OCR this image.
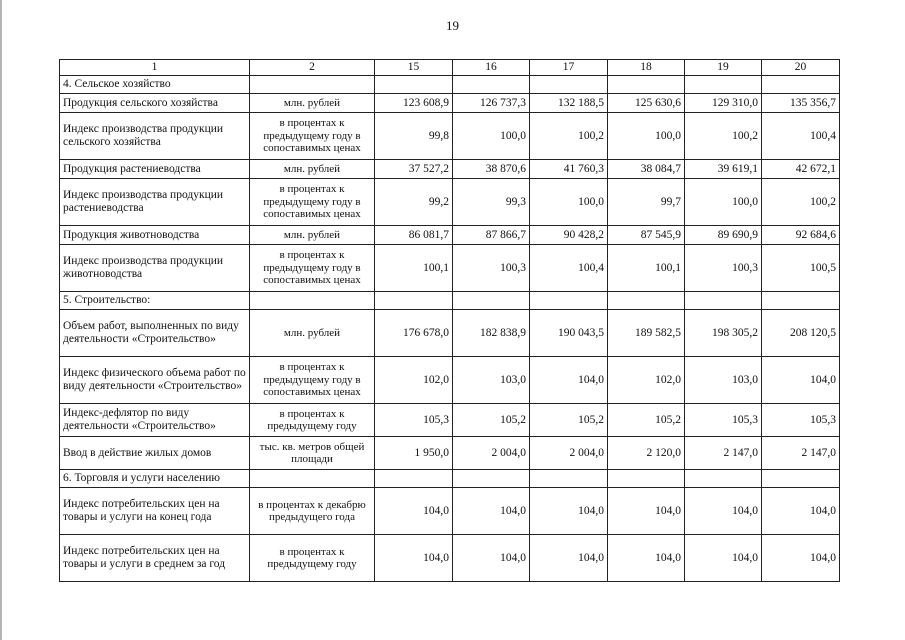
19
1	2	15	16	17	18	19	20
4. Сельское хозяйство							
Продукция сельского хозяйства	млн. рублей	123 608,9	126 737,3	132 188,5	125 630,6	129 310,0	135 356,7
Индекс производства продукции сельского хозяйства	в процентах к предыдущему году в сопоставимых ценах	99,8	100,0	100,2	100,0	100,2	100,4
Продукция растениеводства	млн. рублей	37 527,2	38 870,6	41 760,3	38 084,7	39 619,1	42 672,1
Индекс производства продукции растениеводства	в процентах к предыдущему году в сопоставимых ценах	99,2	99,3	100,0	99,7	100,0	100,2
Продукция животноводства	млн. рублей	86 081,7	87 866,7	90 428,2	87 545,9	89 690,9	92 684,6
Индекс производства продукции животноводства	в процентах к предыдущему году в сопоставимых ценах	100,1	100,3	100,4	100,1	100,3	100,5
5. Строительство:							
Объем работ, выполненных по виду деятельности «Строительство»	млн. рублей	176 678,0	182 838,9	190 043,5	189 582,5	198 305,2	208 120,5
Индекс физического объема работ по виду деятельности «Строительство»	в процентах к предыдущему году в сопоставимых ценах	102,0	103,0	104,0	102,0	103,0	104,0
Индекс-дефлятор по виду деятельности «Строительство»	в процентах к предыдущему году	105,3	105,2	105,2	105,2	105,3	105,3
Ввод в действие жилых домов	тыс. кв. метров общей площади	1 950,0	2 004,0	2 004,0	2 120,0	2 147,0	2 147,0
6. Торговля и услуги населению							
Индекс потребительских цен на товары и услуги на конец года	в процентах к декабрю предыдущего года	104,0	104,0	104,0	104,0	104,0	104,0
Индекс потребительских цен на товары и услуги в среднем за год	в процентах к предыдущему году	104,0	104,0	104,0	104,0	104,0	104,0
